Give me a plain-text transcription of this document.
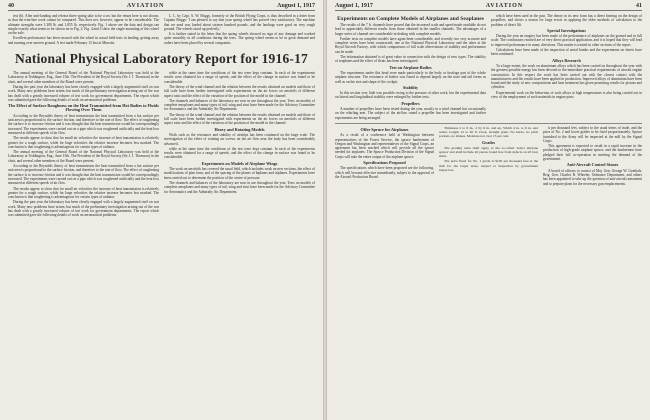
40	AVIATION	August 1, 1917

test (b). After anti-landing and release three spring take to be a set, but the return here is not shown, so that the trim-line work cannot be compared. This does not, however, appear to be considerable. The ultimate strengths were 1,380 lb. and 1,855 lb. respectively. Fig. 1 above are the data and design can simple exactly what seems to be shown on in Fig. 2. Fig. 4 and 5 show the single mounting of this wheel on the axle.

Excellent performance has been secured with the wheel in actual field tests in landing, getting away and running over uneven ground. A test made February 13 last at Mineola.

L. I., by Capt. A. W. Briggs, formerly of the British Flying Corps, is thus described in a letter from Captain Briggs: 'I am pleased to say that your spring wheel has proved very satisfactory. The machine that we used was loaded about sixteen hundred pounds, and the landings were good on very rough ground. The wheels stood up perfectly.'

It is further stated in the letter that the spring wheels showed no sign of any damage and worked quite smoothly in all conditions during the tests. The spring wheel seems to be in great demand and orders have been placed by several companies.

National Physical Laboratory Report for 1916-17

The annual meeting of the General Board of the National Physical Laboratory was held at the Laboratory at Teddington, Eng., June 15th. The President of the Royal Society (Sir J. J. Thomson) in the chair, and several other members of the Board were present.

During the past year the laboratory has been closely engaged with a largely augmented staff on war work. Many new problems have arisen, but much of the preliminary investigation arising out of the war has dealt with a greatly increased volume of test work for government departments. The report which was submitted gave the following details of work on aeronautical problems.

The Effect of Surface Roughness on the Heat Transmitted from Hot Bodies to Fluids Flowing Over Them

According to the Reynolds theory of heat transmission the heat transmitted from a hot surface per unit area is proportional to the surface friction, and therefore to the rate of flow. The effect of roughening the surface is to increase friction and it was thought that the heat transmission would be correspondingly increased. The experiments were carried out on a pipe which was roughened artificially and the heat loss measured at different speeds of air flow.

The results appear to show that for small air velocities the increase of heat transmission is relatively greater for a rough surface, while for large velocities the relative increase becomes less marked. The conclusion is that roughening is advantageous for certain types of radiator.

The annual meeting of the General Board of the National Physical Laboratory was held at the Laboratory at Teddington, Eng., June 15th. The President of the Royal Society (Sir J. J. Thomson) in the chair, and several other members of the Board were present.

According to the Reynolds theory of heat transmission the heat transmitted from a hot surface per unit area is proportional to the surface friction, and therefore to the rate of flow. The effect of roughening the surface is to increase friction and it was thought that the heat transmission would be correspondingly increased. The experiments were carried out on a pipe which was roughened artificially and the heat loss measured at different speeds of air flow.

The results appear to show that for small air velocities the increase of heat transmission is relatively greater for a rough surface, while for large velocities the relative increase becomes less marked. The conclusion is that roughening is advantageous for certain types of radiator.

During the past year the laboratory has been closely engaged with a largely augmented staff on war work. Many new problems have arisen, but much of the preliminary investigation arising out of the war has dealt with a greatly increased volume of test work for government departments. The report which was submitted gave the following details of work on aeronautical problems.

while at the same time the conditions of the test were kept constant. In each of the experiments results were obtained for a range of speeds, and the effect of the change in surface was found to be considerable.

The theory of the wind channel and the relation between the results obtained on models and those of full scale have been further investigated with experiments on the air forces on aerofoils of different aspect ratio and the effect of the variation of the position of the model in the channel.

The channels and balances of the laboratory are now in use throughout the year. Tests on models of complete aeroplanes and many types of tail, wing and strut have been made for the Advisory Committee for Aeronautics and the Admiralty Air Department.

The theory of the wind channel and the relation between the results obtained on models and those of full scale have been further investigated with experiments on the air forces on aerofoils of different aspect ratio and the effect of the variation of the position of the model in the channel.

Heavy and Rotating Models

Work such as the resistance and stability of airships has been continued on the large scale. The investigation of the effect of rotating air screws on the air flow near the body has been considerably advanced.

while at the same time the conditions of the test were kept constant. In each of the experiments results were obtained for a range of speeds, and the effect of the change in surface was found to be considerable.

Experiments on Models of Airplane Wings

The work on aerofoils has covered the usual field, which includes work on new sections, the effect of modifications of plan form, and of the spacing of the planes of biplanes and triplanes. Experiments have been carried out to determine the position of the centre of pressure.

The channels and balances of the laboratory are now in use throughout the year. Tests on models of complete aeroplanes and many types of tail, wing and strut have been made for the Advisory Committee for Aeronautics and the Admiralty Air Department.

August 1, 1917	AVIATION	41
Experiments on Complete Models of Airplanes and Seaplanes

The results of the 7 ft. channels have proved that the increased scale and speed made available do not lead to appreciably different results from those obtained in the smaller channels. The advantages of a larger series of channel are considerable in dealing with complete models.

Further tests on complete models have again been considerable, and recently two very accurate and complete series have been constructed, one at the National Physical Laboratory and the other at the Royal Aircraft Factory, with which comparisons of full scale observations of stability and performance can be made.

The information obtained is of great value in connection with the design of new types. The stability of seaplanes and the effect of floats has been investigated.

Test on Airplane Bodies

The experiments under this head were made particularly to the body or fuselage part of the whole airplane structure. The resistance of bodies was found to depend largely on the nose and tail forms as well as on the size and shape of the cockpit.

Stability

In this section very little was possible owing to the pressure of other work, but the experimental data on lateral and longitudinal stability were enlarged by further tests.

Propellers

A number of propellers have been tested during the year, mostly in a wind channel but occasionally on the whirling arm. The subject of the airflow round a propeller has been investigated and further experiments are being arranged.

which have been used in the past. The theory in its new form has a direct bearing on the design of propellers, and shows a reason for large errors in applying the older methods of calculation to the problem of direct lift.

Special Investigations

During the year an enquiry has been made of the performance of airplanes on the ground and in full scale. The conclusions reached are of very direct practical application, and it is hoped that they will lead to improved performance in many directions. This matter is treated in other sections of the report.

Calculations have been made of the inspection of aerial bombs and the experiments on sheets have been continued.

Alloys Research

To a large extent, the work on aluminium alloys which has been carried on throughout the year with the greatest possible energy has been devoted to the immediate practical requirements of aircraft engine construction. In this respect the work has been carried out with the closest contact with the manufacturers and the results have been applied in production. Improved alloys of aluminium have been found and the study of new compositions and heat treatment has given promising results for pistons and cylinders.

Experimental work on the behaviour of such alloys at high temperatures is also being carried out in view of the employment of such materials in engine parts.

Offer Spruce for Airplanes

As a result of a conference held at Washington between representatives of the Forest Service, the spruce lumbermen of Oregon and Washington and representatives of the Signal Corps, an agreement has been reached which will provide all the spruce needed for airplanes. The Spruce Production Division of the Signal Corps will take the entire output of the airplane spruce.

Specifications Proposed

The specifications which have been proposed are the following, which will become effective immediately, subject to the approval of the Aircraft Production Board.

Thickness 2 to 6 in., 2 by 6 in. and up. Width 4 in. to 6 in. and wider. Length 12 to 40 ft. Clear, straight grain. No knots, no pitch pockets, no shakes. Moisture not over 15 per cent.

Grades

The grading rules shall apply to the so-called 'select airplane spruce' and shall include all pieces found free from defects on all four sides.

The price fixed for No. 1 grade is $105 per thousand feet at the mill for the larger sizes, subject to inspection by government inspectors.

it per thousand feet, subject to the usual terms of trade, and the price of No. 2 and lower grades to be fixed proportionately. Spruce furnished to the Army will be inspected at the mill by the Signal Corps.

This agreement is expected to result in a rapid increase in the production of high-grade airplane spruce, and the lumbermen have pledged their full co-operation in meeting the demand of the government.

Anti-Aircraft Control Stones

A board of officers to consist of Maj. Gen. George W. Goethals, Brig. Gen. Charles B. Wheeler, Ordnance Department, and others has been appointed to take up the question of anti-aircraft armament and to prepare plans for the necessary gun emplacements.
